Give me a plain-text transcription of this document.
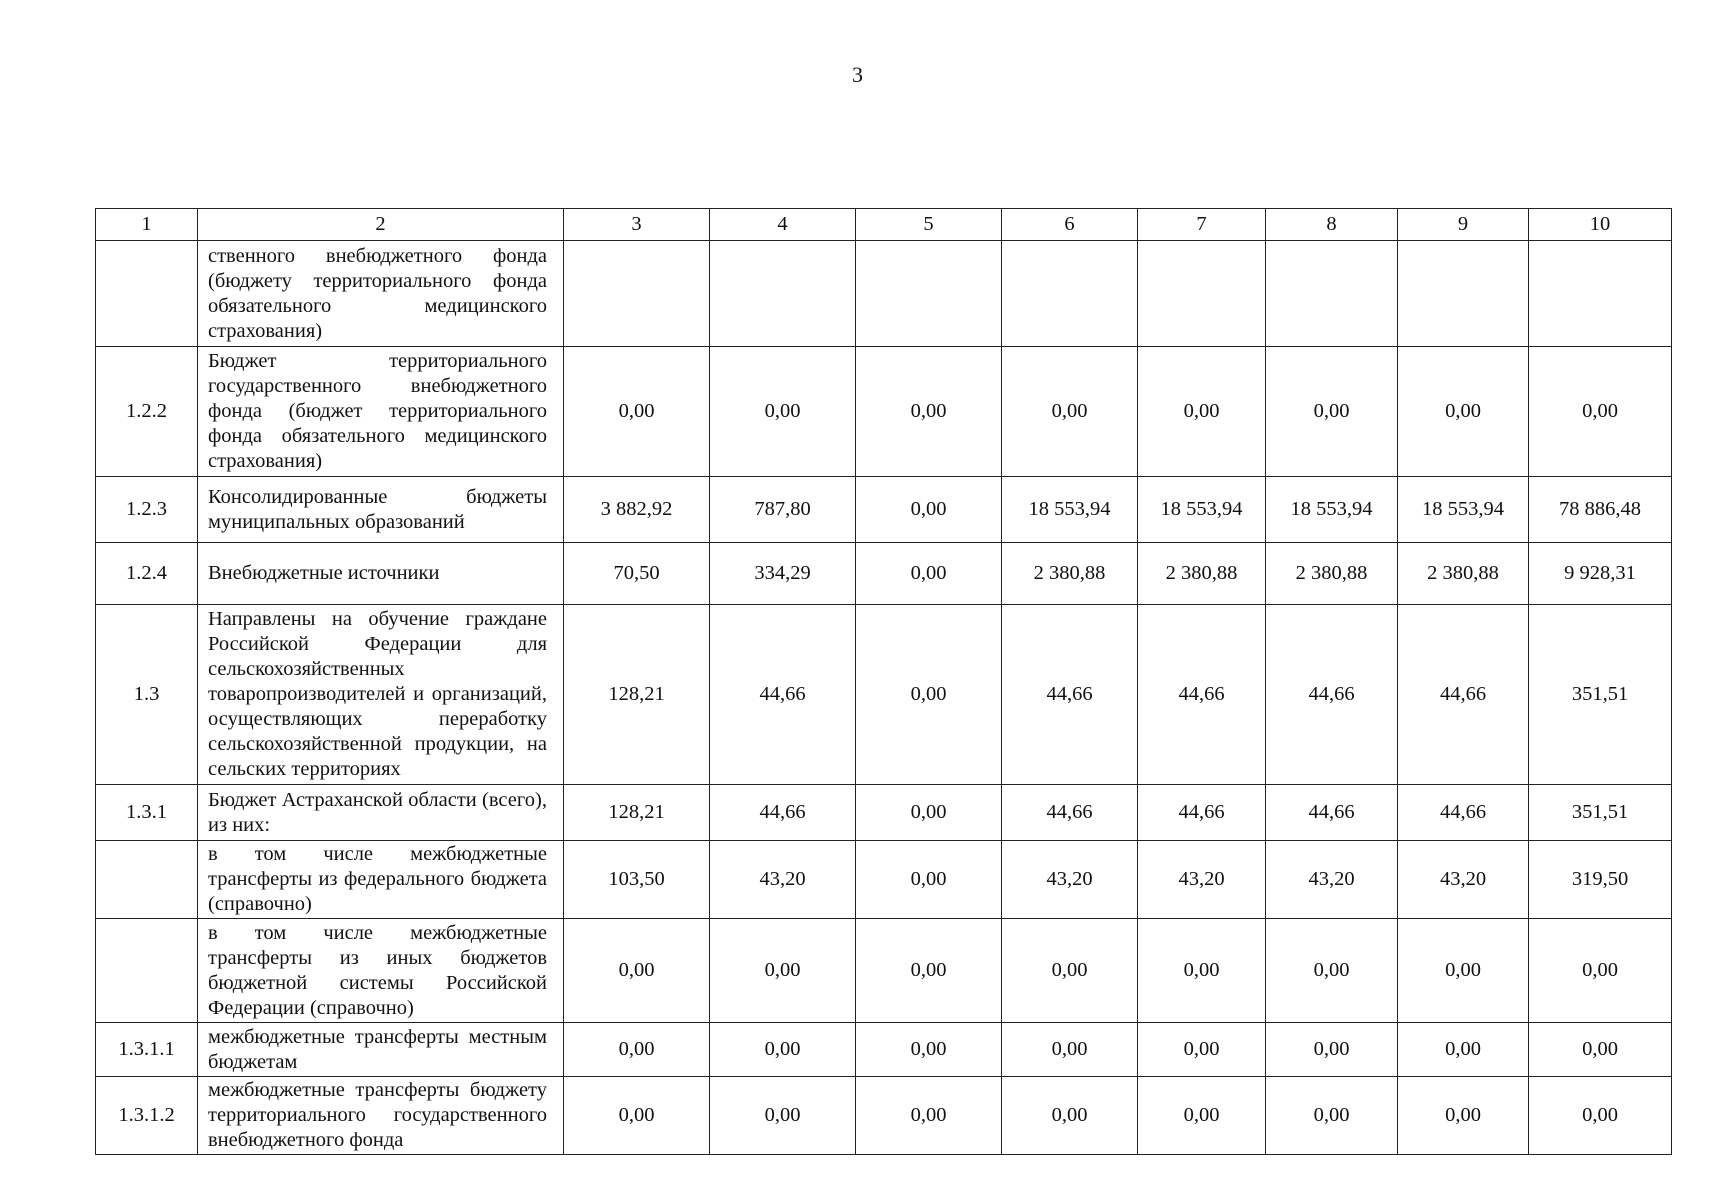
3
1	2	3	4	5	6	7	8	9	10
	ственного внебюджетного фонда (бюджету территориального фонда обязательного медицинского страхования)								
1.2.2	Бюджет территориального государственного внебюджетного фонда (бюджет территориального фонда обязательного медицинского страхования)	0,00	0,00	0,00	0,00	0,00	0,00	0,00	0,00
1.2.3	Консолидированные бюджеты муниципальных образований	3 882,92	787,80	0,00	18 553,94	18 553,94	18 553,94	18 553,94	78 886,48
1.2.4	Внебюджетные источники	70,50	334,29	0,00	2 380,88	2 380,88	2 380,88	2 380,88	9 928,31
1.3	Направлены на обучение граждане Российской Федерации для сельскохозяйственных товаропроизводителей и организаций, осуществляющих переработку сельскохозяйственной продукции, на сельских территориях	128,21	44,66	0,00	44,66	44,66	44,66	44,66	351,51
1.3.1	Бюджет Астраханской области (всего), из них:	128,21	44,66	0,00	44,66	44,66	44,66	44,66	351,51
	в том числе межбюджетные трансферты из федерального бюджета (справочно)	103,50	43,20	0,00	43,20	43,20	43,20	43,20	319,50
	в том числе межбюджетные трансферты из иных бюджетов бюджетной системы Российской Федерации (справочно)	0,00	0,00	0,00	0,00	0,00	0,00	0,00	0,00
1.3.1.1	межбюджетные трансферты местным бюджетам	0,00	0,00	0,00	0,00	0,00	0,00	0,00	0,00
1.3.1.2	межбюджетные трансферты бюджету территориального государственного внебюджетного фонда	0,00	0,00	0,00	0,00	0,00	0,00	0,00	0,00
